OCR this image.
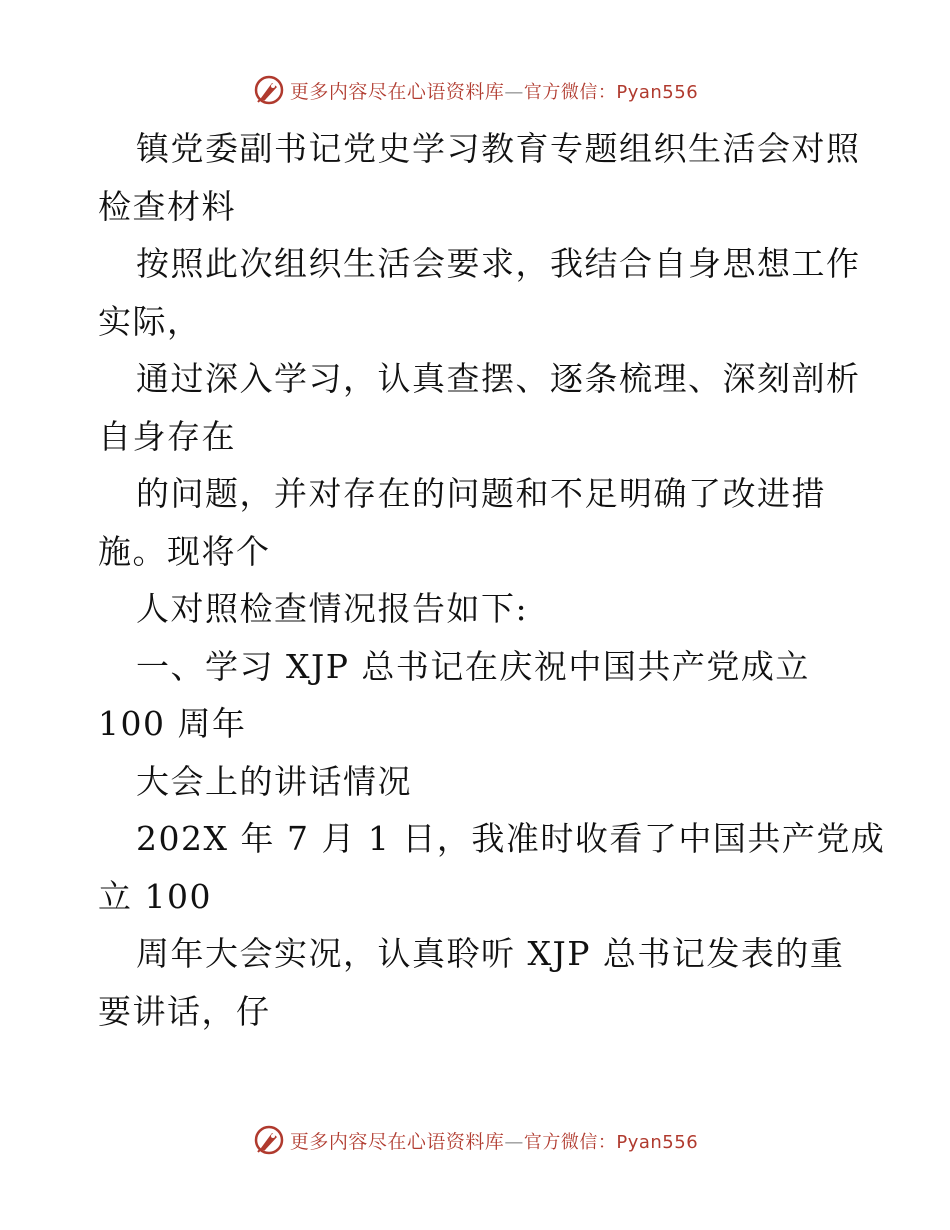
更多内容尽在心语资料库—官方微信：Pyan556
镇党委副书记党史学习教育专题组织生活会对照
检查材料
按照此次组织生活会要求，我结合自身思想工作
实际，
通过深入学习，认真查摆、逐条梳理、深刻剖析
自身存在
的问题，并对存在的问题和不足明确了改进措
施。现将个
人对照检查情况报告如下:
一、学习 XJP 总书记在庆祝中国共产党成立
100 周年
大会上的讲话情况
202X 年 7 月 1 日，我准时收看了中国共产党成
立 100
周年大会实况，认真聆听 XJP 总书记发表的重
要讲话，仔
更多内容尽在心语资料库—官方微信：Pyan556
